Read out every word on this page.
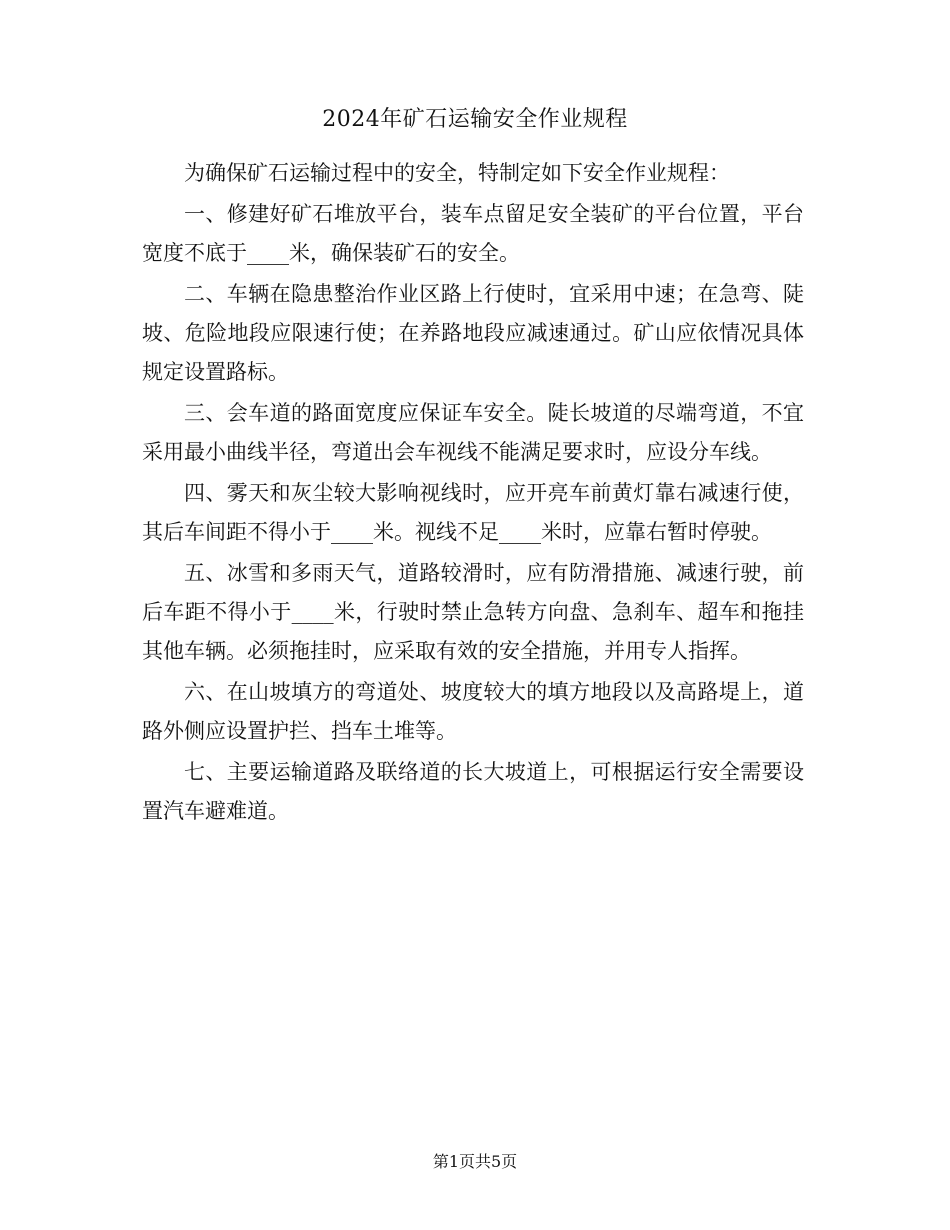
2024年矿石运输安全作业规程

为确保矿石运输过程中的安全，特制定如下安全作业规程：

一、修建好矿石堆放平台，装车点留足安全装矿的平台位置，平台宽度不底于____米，确保装矿石的安全。

二、车辆在隐患整治作业区路上行使时，宜采用中速；在急弯、陡坡、危险地段应限速行使；在养路地段应减速通过。矿山应依情况具体规定设置路标。

三、会车道的路面宽度应保证车安全。陡长坡道的尽端弯道，不宜采用最小曲线半径，弯道出会车视线不能满足要求时，应设分车线。

四、雾天和灰尘较大影响视线时，应开亮车前黄灯靠右减速行使，其后车间距不得小于____米。视线不足____米时，应靠右暂时停驶。

五、冰雪和多雨天气，道路较滑时，应有防滑措施、减速行驶，前后车距不得小于____米，行驶时禁止急转方向盘、急刹车、超车和拖挂其他车辆。必须拖挂时，应采取有效的安全措施，并用专人指挥。

六、在山坡填方的弯道处、坡度较大的填方地段以及高路堤上，道路外侧应设置护拦、挡车土堆等。

七、主要运输道路及联络道的长大坡道上，可根据运行安全需要设置汽车避难道。

第1页共5页
